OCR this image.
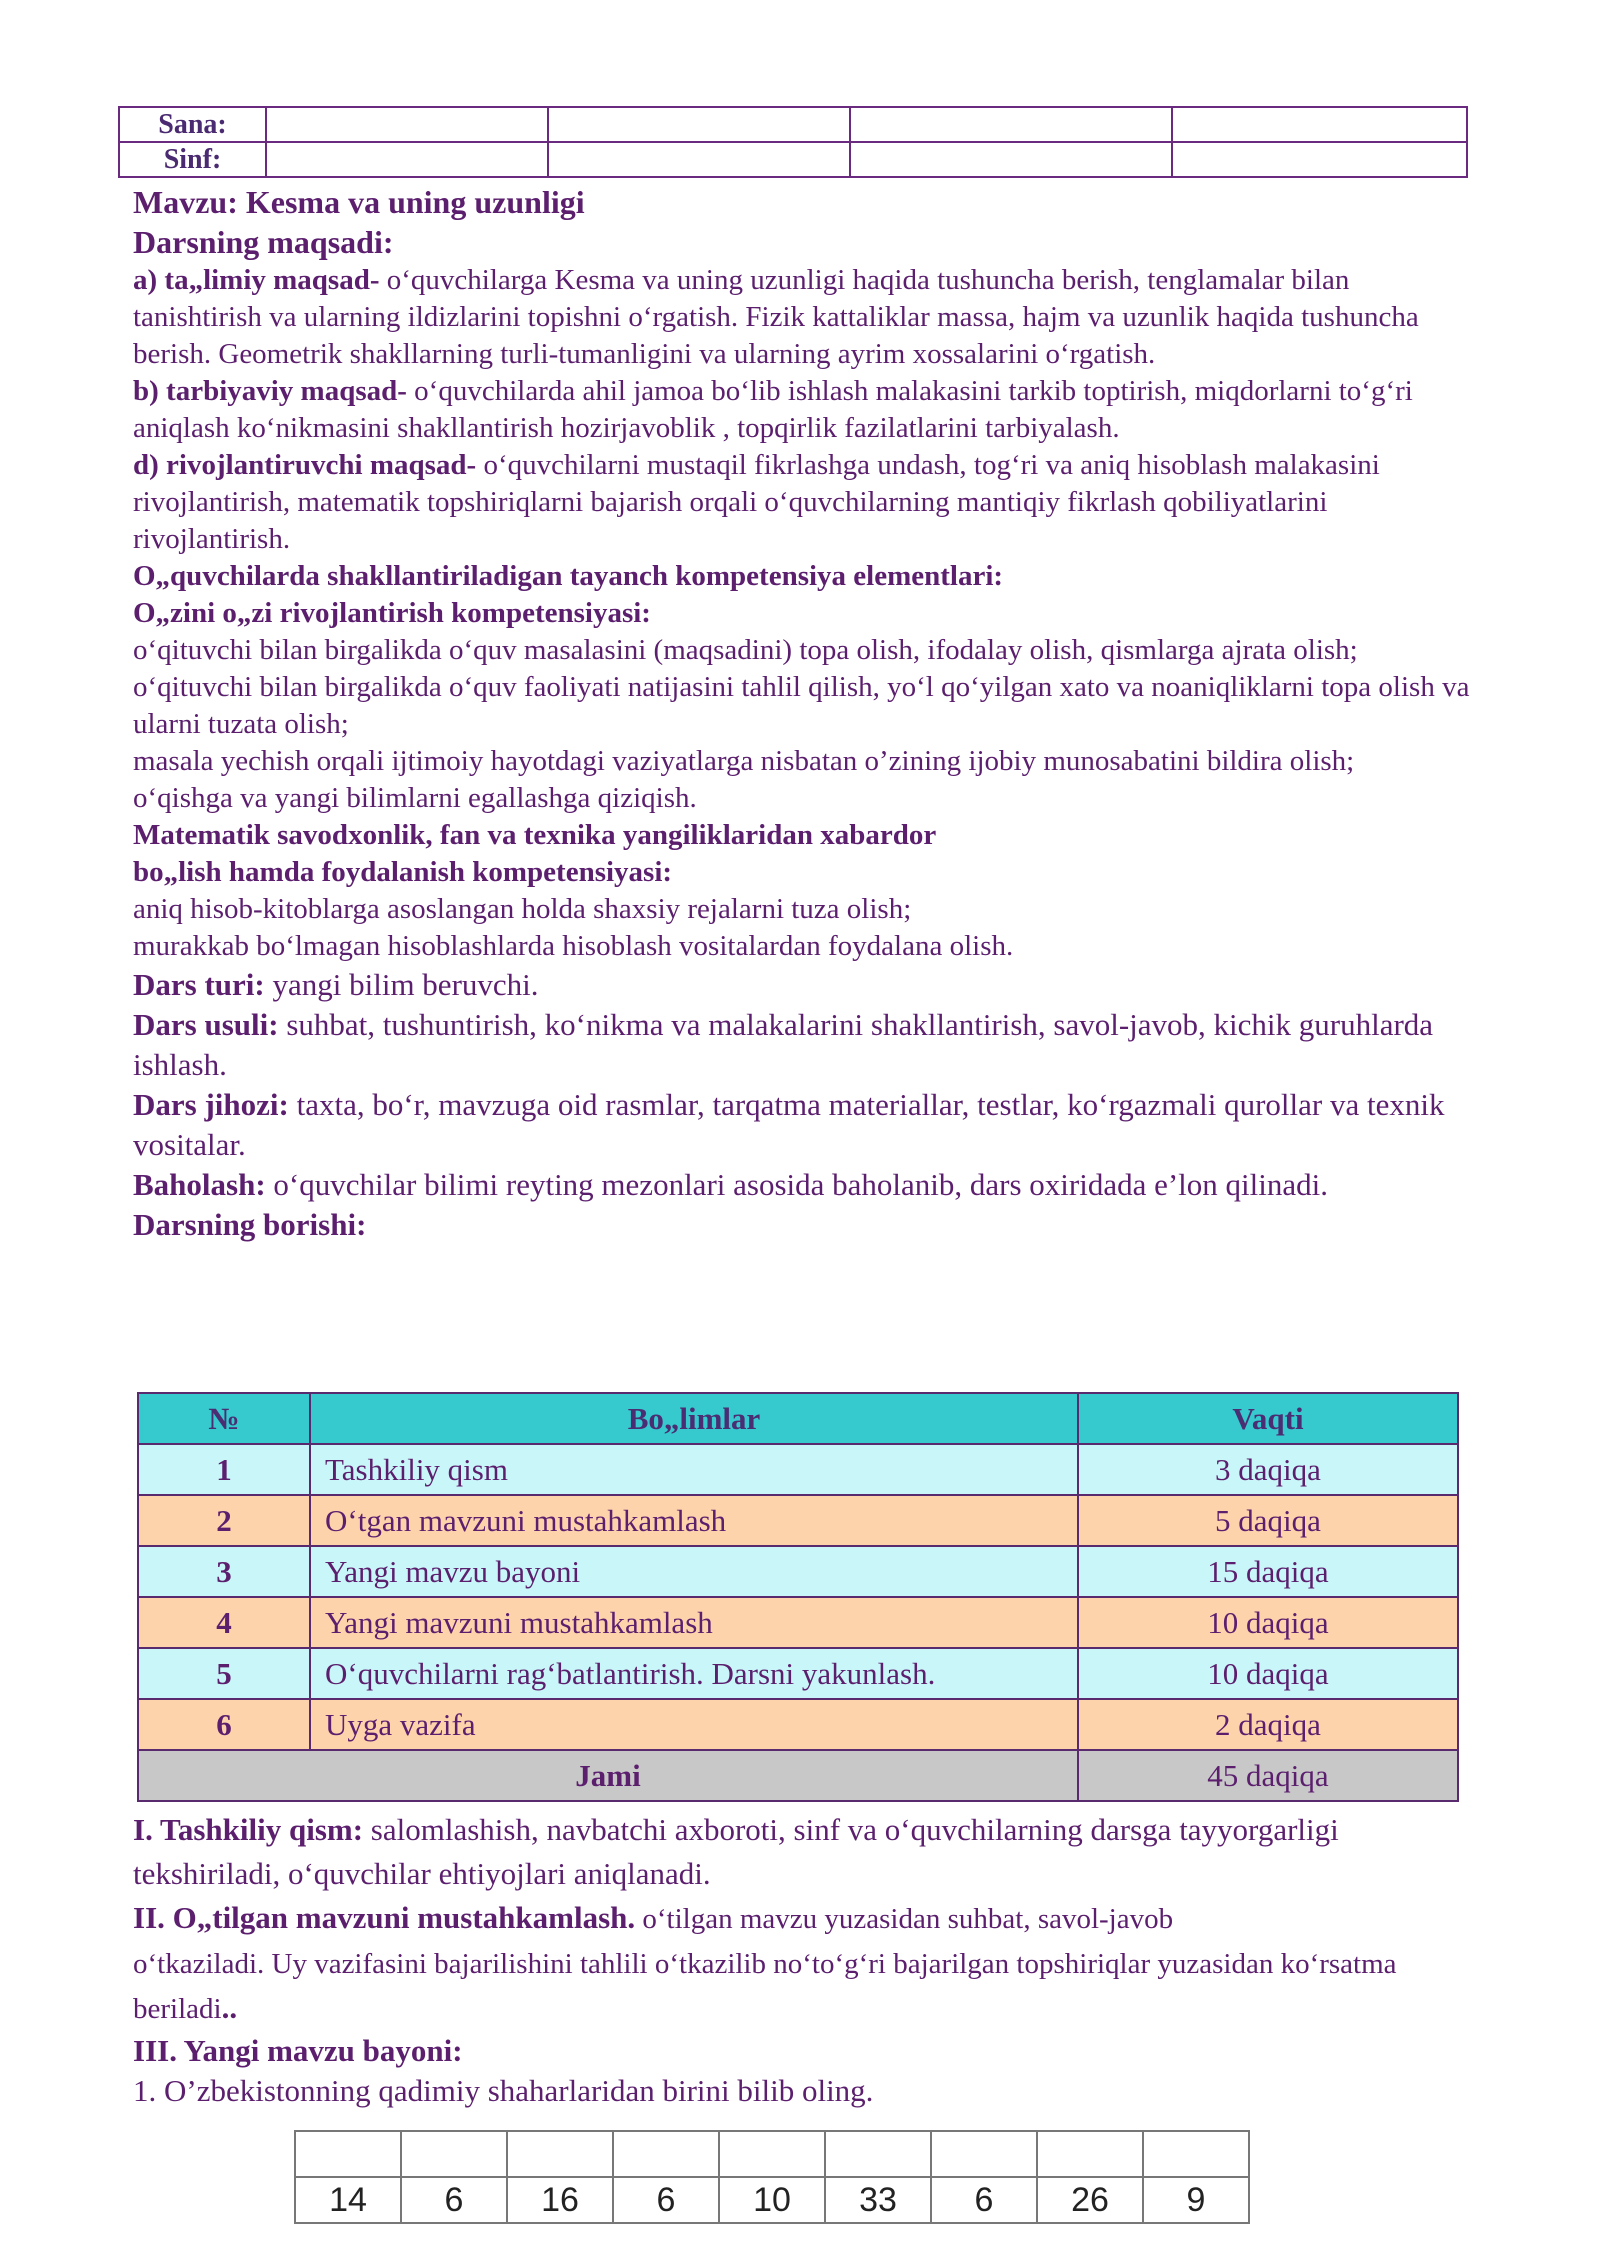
Sana:				
Sinf:				

Mavzu: Kesma va uning uzunligi

Darsning maqsadi:

a) ta„limiy maqsad- o‘quvchilarga Kesma va uning uzunligi haqida tushuncha berish, tenglamalar bilan tanishtirish va ularning ildizlarini topishni o‘rgatish. Fizik kattaliklar massa, hajm va uzunlik haqida tushuncha berish. Geometrik shakllarning turli-tumanligini va ularning ayrim xossalarini o‘rgatish.

b) tarbiyaviy maqsad- o‘quvchilarda ahil jamoa bo‘lib ishlash malakasini tarkib toptirish, miqdorlarni to‘g‘ri aniqlash ko‘nikmasini shakllantirish hozirjavoblik , topqirlik fazilatlarini tarbiyalash.

d) rivojlantiruvchi maqsad- o‘quvchilarni mustaqil fikrlashga undash, tog‘ri va aniq hisoblash malakasini rivojlantirish, matematik topshiriqlarni bajarish orqali o‘quvchilarning mantiqiy fikrlash qobiliyatlarini rivojlantirish.

O„quvchilarda shakllantiriladigan tayanch kompetensiya elementlari:

O„zini o„zi rivojlantirish kompetensiyasi:

o‘qituvchi bilan birgalikda o‘quv masalasini (maqsadini) topa olish, ifodalay olish, qismlarga ajrata olish;

o‘qituvchi bilan birgalikda o‘quv faoliyati natijasini tahlil qilish, yo‘l qo‘yilgan xato va noaniqliklarni topa olish va ularni tuzata olish;

masala yechish orqali ijtimoiy hayotdagi vaziyatlarga nisbatan o’zining ijobiy munosabatini bildira olish;

o‘qishga va yangi bilimlarni egallashga qiziqish.

Matematik savodxonlik, fan va texnika yangiliklaridan xabardor

bo„lish hamda foydalanish kompetensiyasi:

aniq hisob-kitoblarga asoslangan holda shaxsiy rejalarni tuza olish;

murakkab bo‘lmagan hisoblashlarda hisoblash vositalardan foydalana olish.

Dars turi: yangi bilim beruvchi.

Dars usuli: suhbat, tushuntirish, ko‘nikma va malakalarini shakllantirish, savol-javob, kichik guruhlarda ishlash.

Dars jihozi: taxta, bo‘r, mavzuga oid rasmlar, tarqatma materiallar, testlar, ko‘rgazmali qurollar va texnik vositalar.

Baholash: o‘quvchilar bilimi reyting mezonlari asosida baholanib, dars oxiridada e’lon qilinadi.

Darsning borishi:

№	Bo„limlar	Vaqti
1	Tashkiliy qism	3 daqiqa
2	O‘tgan mavzuni mustahkamlash	5 daqiqa
3	Yangi mavzu bayoni	15 daqiqa
4	Yangi mavzuni mustahkamlash	10 daqiqa
5	O‘quvchilarni rag‘batlantirish. Darsni yakunlash.	10 daqiqa
6	Uyga vazifa	2 daqiqa
Jami		45 daqiqa

I. Tashkiliy qism: salomlashish, navbatchi axboroti, sinf va o‘quvchilarning darsga tayyorgarligi tekshiriladi, o‘quvchilar ehtiyojlari aniqlanadi.

II. O„tilgan mavzuni mustahkamlash. o‘tilgan mavzu yuzasidan suhbat, savol-javob
o‘tkaziladi. Uy vazifasini bajarilishini tahlili o‘tkazilib no‘to‘g‘ri bajarilgan topshiriqlar yuzasidan ko‘rsatma beriladi..

III. Yangi mavzu bayoni:

1. O’zbekistonning qadimiy shaharlaridan birini bilib oling.

14	6	16	6	10	33	6	26	9
